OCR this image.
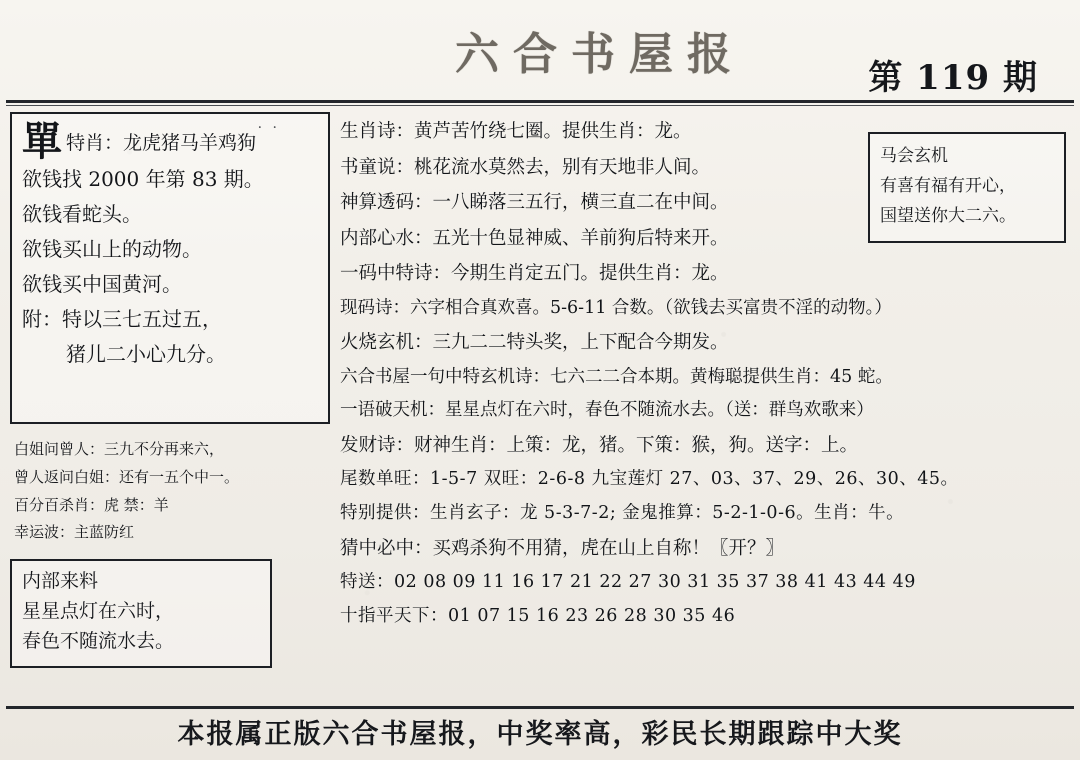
六合书屋报	第 119 期
· ·
單特肖：龙虎猪马羊鸡狗
欲钱找 2000 年第 83 期。
欲钱看蛇头。
欲钱买山上的动物。
欲钱买中国黄河。
附：特以三七五过五，
猪儿二小心九分。
白姐问曾人：三九不分再来六，
曾人返问白姐：还有一五个中一。
百分百杀肖：虎 禁：羊
幸运波：主蓝防红
内部来料
星星点灯在六时，
春色不随流水去。
生肖诗：黄芦苦竹绕七圈。提供生肖：龙。
书童说：桃花流水莫然去，别有天地非人间。
神算透码：一八睇落三五行，横三直二在中间。
内部心水：五光十色显神威、羊前狗后特来开。
一码中特诗：今期生肖定五门。提供生肖：龙。
现码诗：六字相合真欢喜。5-6-11 合数。（欲钱去买富贵不淫的动物。）
火烧玄机：三九二二特头奖，上下配合今期发。
六合书屋一句中特玄机诗：七六二二合本期。黄梅聪提供生肖：45 蛇。
一语破天机：星星点灯在六时，春色不随流水去。（送：群鸟欢歌来）
发财诗：财神生肖：上策：龙，猪。下策：猴，狗。送字：上。
尾数单旺：1-5-7 双旺：2-6-8 九宝莲灯 27、03、37、29、26、30、45。
特别提供：生肖玄子：龙 5-3-7-2; 金鬼推算：5-2-1-0-6。生肖：牛。
猜中必中：买鸡杀狗不用猜，虎在山上自称！〖开？〗
特送：02 08 09 11 16 17 21 22 27 30 31 35 37 38 41 43 44 49
十指平天下：01 07 15 16 23 26 28 30 35 46
马会玄机
有喜有福有开心，
国望送你大二六。
本报属正版六合书屋报，中奖率高，彩民长期跟踪中大奖
